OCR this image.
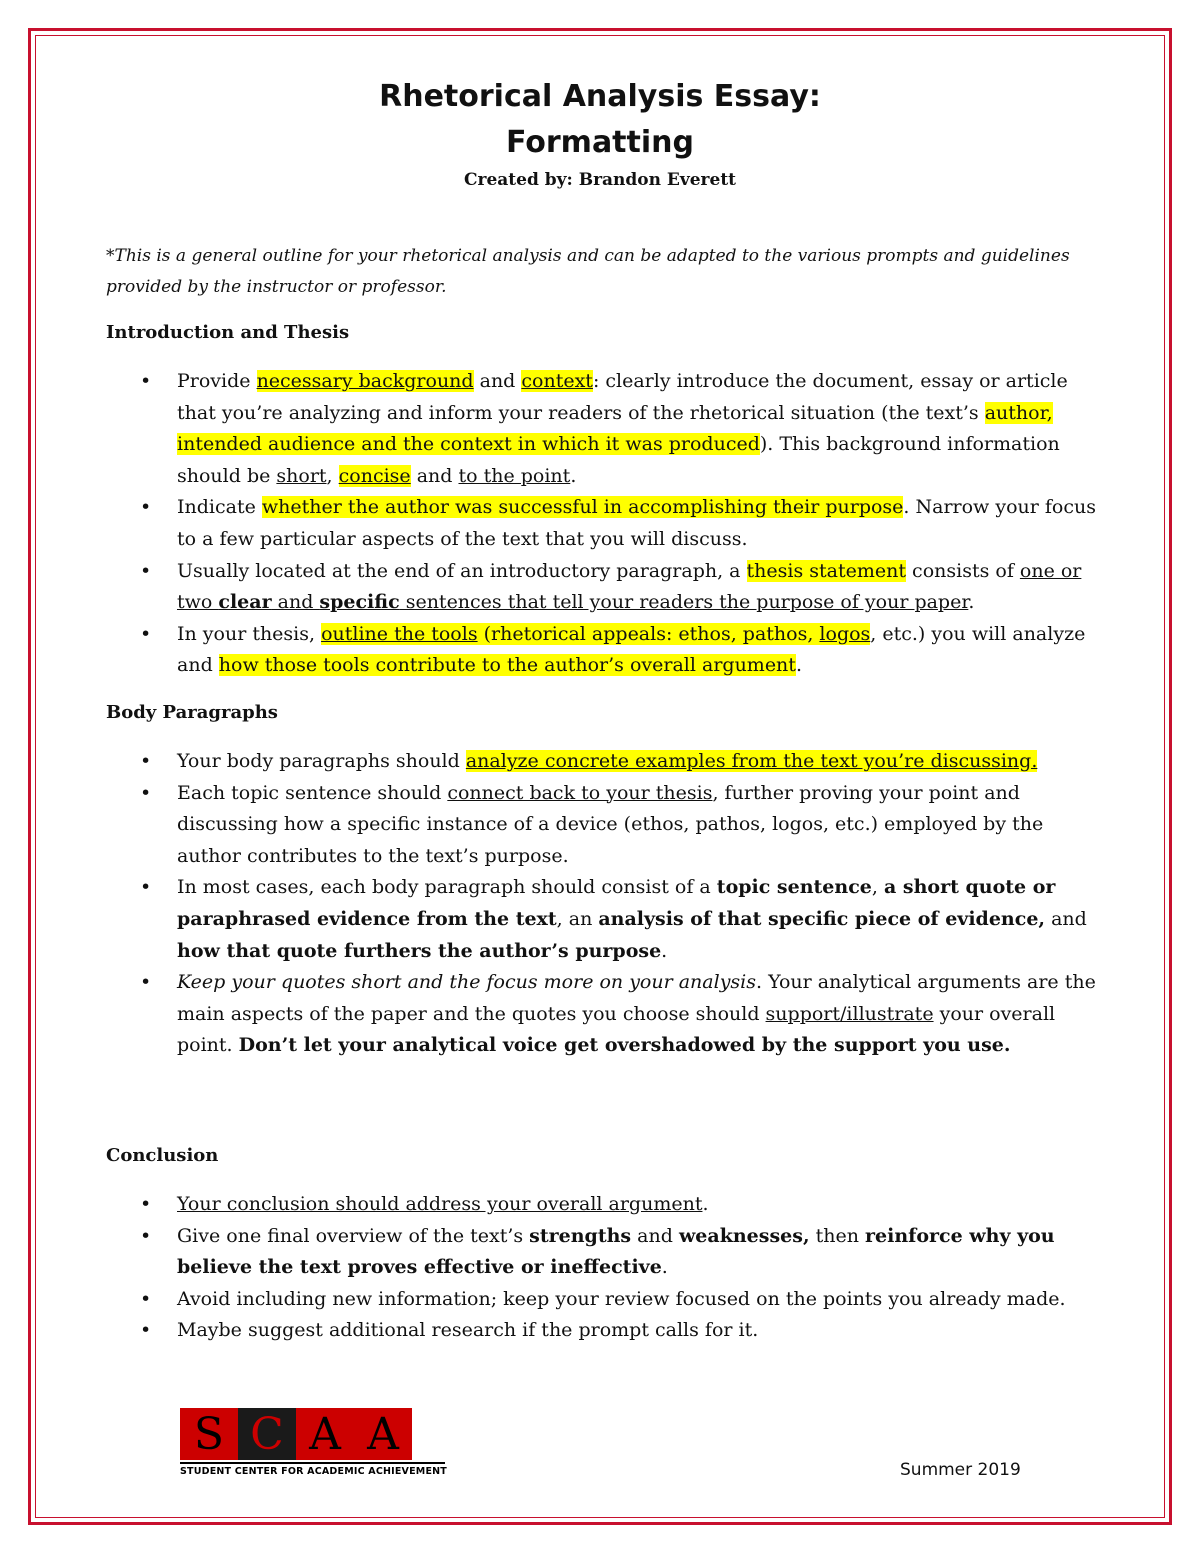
Rhetorical Analysis Essay:
Formatting

Created by: Brandon Everett

*This is a general outline for your rhetorical analysis and can be adapted to the various prompts and guidelines provided by the instructor or professor.

Introduction and Thesis

• Provide necessary background and context: clearly introduce the document, essay or article that you’re analyzing and inform your readers of the rhetorical situation (the text’s author, intended audience and the context in which it was produced). This background information should be short, concise and to the point.
• Indicate whether the author was successful in accomplishing their purpose. Narrow your focus to a few particular aspects of the text that you will discuss.
• Usually located at the end of an introductory paragraph, a thesis statement consists of one or two clear and specific sentences that tell your readers the purpose of your paper.
• In your thesis, outline the tools (rhetorical appeals: ethos, pathos, logos, etc.) you will analyze and how those tools contribute to the author’s overall argument.

Body Paragraphs

• Your body paragraphs should analyze concrete examples from the text you’re discussing.
• Each topic sentence should connect back to your thesis, further proving your point and discussing how a specific instance of a device (ethos, pathos, logos, etc.) employed by the author contributes to the text’s purpose.
• In most cases, each body paragraph should consist of a topic sentence, a short quote or paraphrased evidence from the text, an analysis of that specific piece of evidence, and how that quote furthers the author’s purpose.
• Keep your quotes short and the focus more on your analysis. Your analytical arguments are the main aspects of the paper and the quotes you choose should support/illustrate your overall point. Don’t let your analytical voice get overshadowed by the support you use.

Conclusion

• Your conclusion should address your overall argument.
• Give one final overview of the text’s strengths and weaknesses, then reinforce why you believe the text proves effective or ineffective.
• Avoid including new information; keep your review focused on the points you already made.
• Maybe suggest additional research if the prompt calls for it.
S C A A
STUDENT CENTER FOR ACADEMIC ACHIEVEMENT	Summer 2019
